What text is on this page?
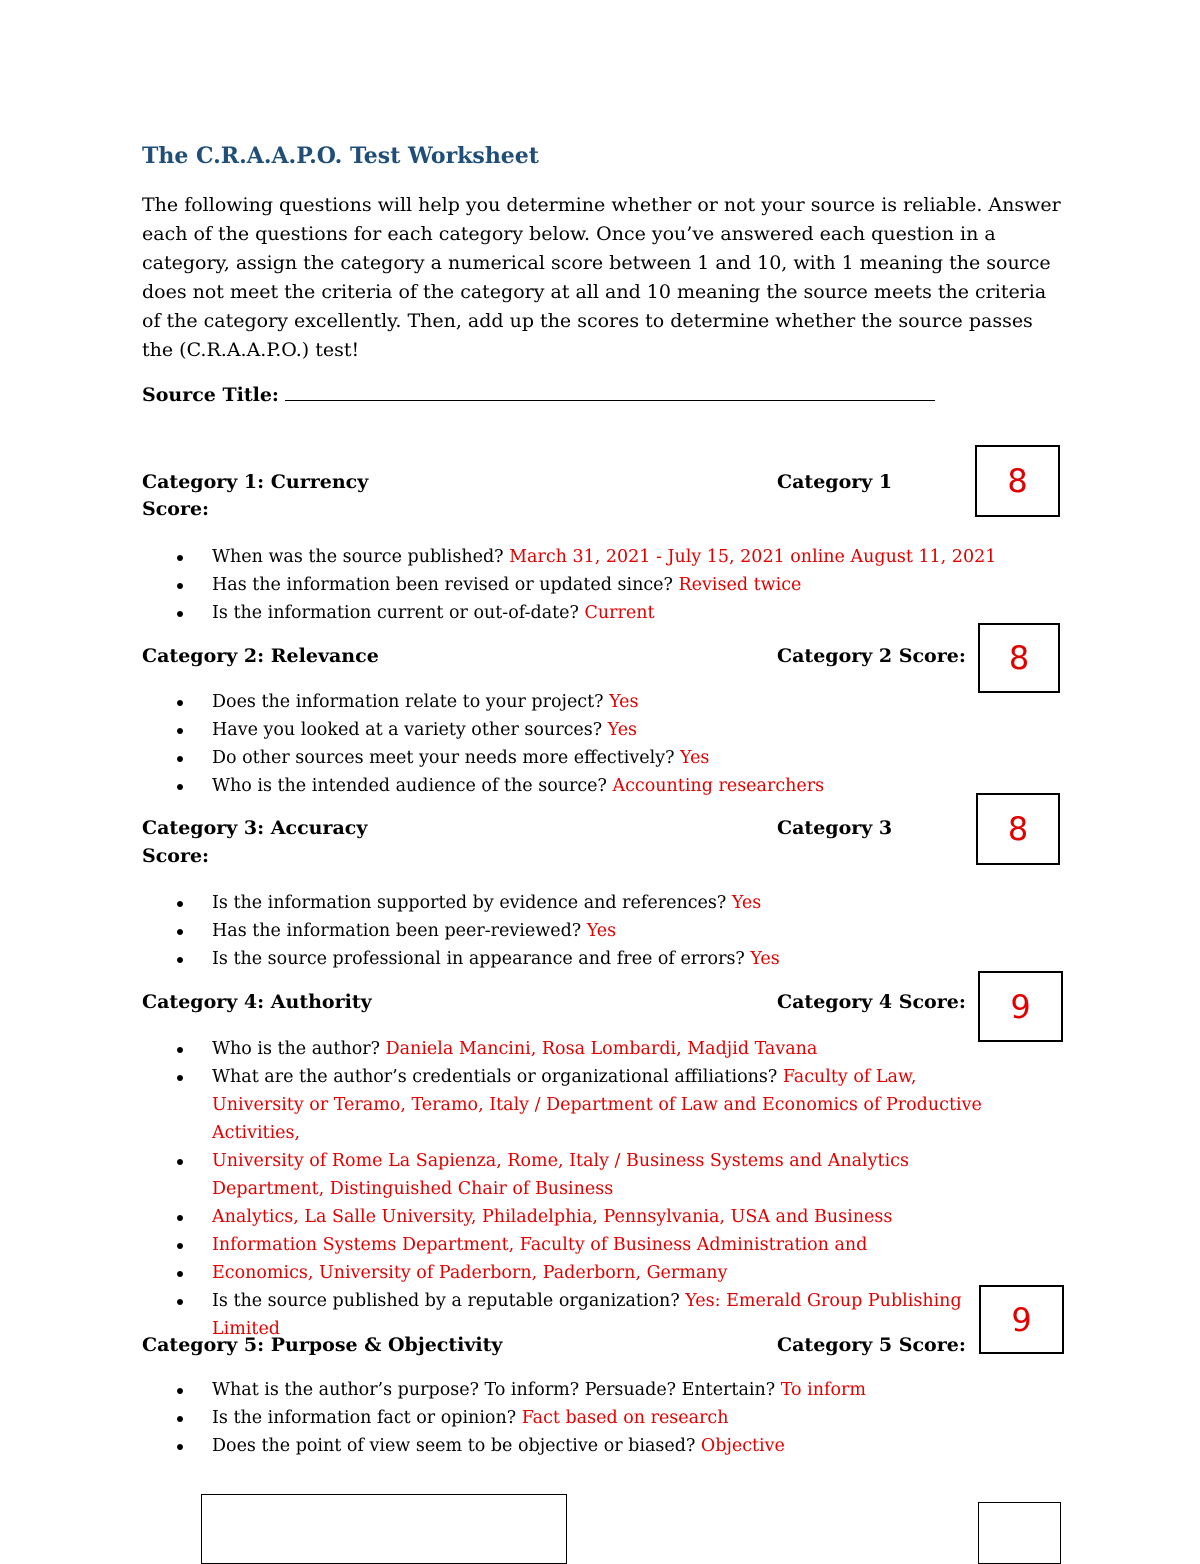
The C.R.A.A.P.O. Test Worksheet
The following questions will help you determine whether or not your source is reliable. Answer each of the questions for each category below. Once you’ve answered each question in a category, assign the category a numerical score between 1 and 10, with 1 meaning the source does not meet the criteria of the category at all and 10 meaning the source meets the criteria of the category excellently. Then, add up the scores to determine whether the source passes the (C.R.A.A.P.O.) test!
Source Title:
Category 1: Currency	Category 1
Score:
8
When was the source published? March 31, 2021 - July 15, 2021 online August 11, 2021
Has the information been revised or updated since? Revised twice
Is the information current or out-of-date? Current
Category 2: Relevance	Category 2 Score:	8
Does the information relate to your project? Yes
Have you looked at a variety other sources? Yes
Do other sources meet your needs more effectively? Yes
Who is the intended audience of the source? Accounting researchers
Category 3: Accuracy	Category 3
Score:
8
Is the information supported by evidence and references? Yes
Has the information been peer-reviewed? Yes
Is the source professional in appearance and free of errors? Yes
Category 4: Authority	Category 4 Score:	9
Who is the author? Daniela Mancini, Rosa Lombardi, Madjid Tavana
What are the author’s credentials or organizational affiliations? Faculty of Law, University or Teramo, Teramo, Italy / Department of Law and Economics of Productive Activities,
University of Rome La Sapienza, Rome, Italy / Business Systems and Analytics Department, Distinguished Chair of Business
Analytics, La Salle University, Philadelphia, Pennsylvania, USA and Business
Information Systems Department, Faculty of Business Administration and
Economics, University of Paderborn, Paderborn, Germany
Is the source published by a reputable organization? Yes: Emerald Group Publishing Limited
Category 5: Purpose & Objectivity	Category 5 Score:
9
What is the author’s purpose? To inform? Persuade? Entertain? To inform
Is the information fact or opinion? Fact based on research
Does the point of view seem to be objective or biased? Objective
